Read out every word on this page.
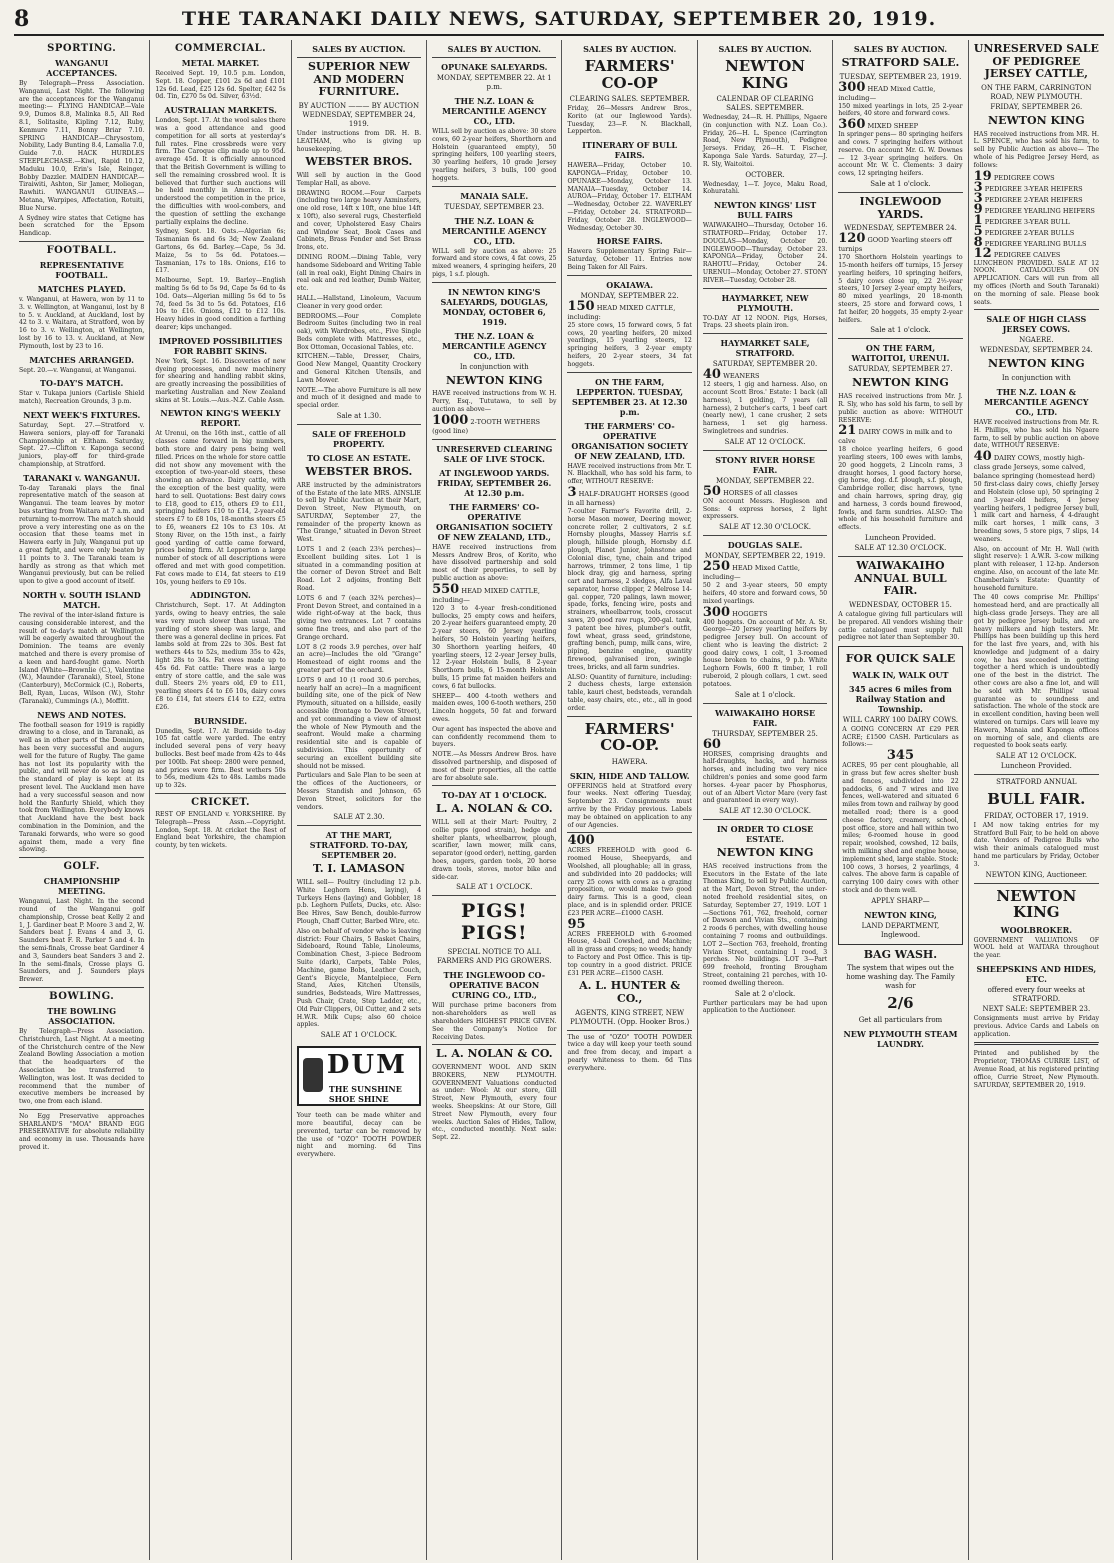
8	THE TARANAKI DAILY NEWS, SATURDAY, SEPTEMBER 20, 1919.
SPORTING.
WANGANUI ACCEPTANCES.

By Telegraph—Press Association. Wanganui, Last Night. The following are the acceptances for the Wanganui meeting:— FLYING HANDICAP.—Vale 9.9, Dumos 8.8, Malinka 8.5, All Red 8.1, Solitasite, Kipling 7.12, Ruby, Kenmure 7.11, Bonny Briar 7.10. SPRING HANDICAP.—Chrysostom, Nobility, Lady Bunting 8.4, Lamalia 7.0, Guide 7.0. HACK HURDLES STEEPLECHASE.—Kiwi, Rapid 10.12, Maduku 10.0, Erin's Isle, Reinger, Bobby Dazzler. MAIDEN HANDICAP.—Tiraiwiti, Ashton, Sir Jamer, Moliegan, Rawhiti. WANGANUI GUINEAS.—Metana, Warpipes, Affectation, Rotuiti, Blue Nurse.

A Sydney wire states that Cetigne has been scratched for the Epsom Handicap.

FOOTBALL.
REPRESENTATIVE FOOTBALL.
MATCHES PLAYED.

v. Wanganui, at Hawera, won by 11 to 3. v. Wellington, at Wanganui, lost by 8 to 5. v. Auckland, at Auckland, lost by 42 to 3. v. Waitara, at Stratford, won by 16 to 3. v. Wellington, at Wellington, lost by 16 to 13. v. Auckland, at New Plymouth, lost by 23 to 16.

MATCHES ARRANGED.

Sept. 20.—v. Wanganui, at Wanganui.

TO-DAY'S MATCH.

Star v. Tukapa juniors (Carlisle Shield match), Recreation Grounds, 3 p.m.

NEXT WEEK'S FIXTURES.

Saturday, Sept. 27.—Stratford v. Hawera seniors, play-off for Taranaki Championship at Eltham. Saturday, Sept. 27.—Clifton v. Kaponga second juniors, play-off for third-grade championship, at Stratford.

TARANAKI v. WANGANUI.

To-day Taranaki plays the final representative match of the season at Wanganui. The team leaves by motor bus starting from Waitara at 7 a.m. and returning to-morrow. The match should prove a very interesting one as on the occasion that these teams met in Hawera early in July, Wanganui put up a great fight, and were only beaten by 11 points to 3. The Taranaki team is hardly as strong as that which met Wanganui previously, but can be relied upon to give a good account of itself.

NORTH v. SOUTH ISLAND MATCH.

The revival of the inter-island fixture is causing considerable interest, and the result of to-day's match at Wellington will be eagerly awaited throughout the Dominion. The teams are evenly matched and there is every promise of a keen and hard-fought game. North Island (White—Brownlie (C.), Valentine (W.), Maunder (Taranaki), Steel, Stone (Canterbury), McCormick (C.), Roberts, Bell, Ryan, Lucas, Wilson (W.), Stohr (Taranaki), Cummings (A.), Moffitt.

NEWS AND NOTES.

The football season for 1919 is rapidly drawing to a close, and in Taranaki, as well as in other parts of the Dominion, has been very successful and augurs well for the future of Rugby. The game has not lost its popularity with the public, and will never do so as long as the standard of play is kept at its present level. The Auckland men have had a very successful season and now hold the Ranfurly Shield, which they took from Wellington. Everybody knows that Auckland have the best back combination in the Dominion, and the Taranaki forwards, who were so good against them, made a very fine showing.

GOLF.
CHAMPIONSHIP MEETING.

Wanganui, Last Night. In the second round of the Wanganui golf championship, Crosse beat Kelly 2 and 1, J. Gardiner beat P. Moore 3 and 2, W. Sanders beat J. Evans 4 and 3, G. Saunders beat F. R. Parker 5 and 4. In the semi-finals, Crosse beat Gardiner 4 and 3, Saunders beat Sanders 3 and 2. In the semi-finals, Crosse plays G. Saunders, and J. Saunders plays Brewer.

BOWLING.
THE BOWLING ASSOCIATION.

By Telegraph—Press Association. Christchurch, Last Night. At a meeting of the Christchurch centre of the New Zealand Bowling Association a motion that the headquarters of the Association be transferred to Wellington, was lost. It was decided to recommend that the number of executive members be increased by two, one from each island.

No Egg Preservative approaches SHARLAND'S "MOA" BRAND EGG PRESERVATIVE for absolute reliability and economy in use. Thousands have proved it.

COMMERCIAL.
METAL MARKET.

Received Sept. 19, 10.5 p.m. London, Sept. 18. Copper, £101 2s 6d and £101 12s 6d. Lead, £25 12s 6d. Spelter, £42 5s 0d. Tin, £270 5s 0d. Silver, 63½d.

AUSTRALIAN MARKETS.

London, Sept. 17. At the wool sales there was a good attendance and good competition for all sorts at yesterday's full rates. Fine crossbreds were very firm. The Caroque clip made up to 95d. average 45d. It is officially announced that the British Government is willing to sell the remaining crossbred wool. It is believed that further such auctions will be held monthly in America. It is understood the competition in the price, the difficulties with wool-combers, and the question of settling the exchange partially explains the decline.

Sydney, Sept. 18. Oats.—Algerian 6s; Tasmanian 6s and 6s 3d; New Zealand Gartons, 6s 6d. Barley.—Cape, 5s 3d. Maize, 5s to 5s 6d. Potatoes.—Tasmanian, 17s to 18s. Onions, £16 to £17.

Melbourne, Sept. 19. Barley—English malting 5s 6d to 5s 9d, Cape 5s 6d to 4s 10d. Oats—Algerian milling 5s 6d to 5s 7d, feed 5s 3d to 5s 6d. Potatoes, £16 10s to £16. Onions, £12 to £12 10s. Heavy hides in good condition a farthing dearer; kips unchanged.

IMPROVED POSSIBILITIES FOR RABBIT SKINS.

New York, Sept. 16. Discoveries of new dyeing processes, and new machinery for shearing and handling rabbit skins, are greatly increasing the possibilities of marketing Australian and New Zealand skins at St. Louis.—Aus.-N.Z. Cable Assn.

NEWTON KING'S WEEKLY REPORT.

At Urenui, on the 16th inst., cattle of all classes came forward in big numbers, both store and dairy pens being well filled. Prices on the whole for store cattle did not show any movement with the exception of two-year-old steers, these showing an advance. Dairy cattle, with the exception of the best quality, were hard to sell. Quotations: Best dairy cows to £18, good to £15, others £9 to £11, springing heifers £10 to £14, 2-year-old steers £7 to £8 10s, 18-months steers £5 to £6, weaners £2 10s to £3 10s. At Stony River, on the 15th inst., a fairly good yarding of cattle came forward, prices being firm. At Lepperton a large number of stock of all descriptions were offered and met with good competition. Fat cows made to £14, fat steers to £19 10s, young heifers to £9 10s.

ADDINGTON.

Christchurch, Sept. 17. At Addington yards, owing to heavy entries, the sale was very much slower than usual. The yarding of store sheep was large, and there was a general decline in prices. Fat lambs sold at from 22s to 30s. Best fat wethers 44s to 52s, medium 35s to 42s, light 28s to 34s. Fat ewes made up to 45s 6d. Fat cattle: There was a large entry of store cattle, and the sale was dull. Steers 2½ years old, £9 to £11, yearling steers £4 to £6 10s, dairy cows £8 to £14, fat steers £14 to £22, extra £26.

BURNSIDE.

Dunedin, Sept. 17. At Burnside to-day 105 fat cattle were yarded. The entry included several pens of very heavy bullocks. Best beef made from 42s to 44s per 100lb. Fat sheep: 2800 were penned, and prices were firm. Best wethers 50s to 56s, medium 42s to 48s. Lambs made up to 32s.

CRICKET.

REST OF ENGLAND v. YORKSHIRE. By Telegraph—Press Assn.—Copyright. London, Sept. 18. At cricket the Rest of England beat Yorkshire, the champion county, by ten wickets.

SALES BY AUCTION.
SUPERIOR NEW AND MODERN FURNITURE.
BY AUCTION ——— BY AUCTION WEDNESDAY, SEPTEMBER 24, 1919.

Under instructions from DR. H. B. LEATHAM, who is giving up housekeeping,

WEBSTER BROS.

Will sell by auction in the Good Templar Hall, as above.

DRAWING ROOM.—Four Carpets (including two large heavy Axminsters, one old rose, 14ft x 10ft, one blue 14ft x 10ft), also several rugs, Chesterfield and cover, Upholstered Easy Chairs and Window Seat, Book Cases and Cabinets, Brass Fender and Set Brass Irons, etc.

DINING ROOM.—Dining Table, very handsome Sideboard and Writing Table (all in real oak), Eight Dining Chairs in real oak and red leather, Dumb Waiter, etc.

HALL.—Hallstand, Linoleum, Vacuum Cleaner in very good order.

BEDROOMS.—Four Complete Bedroom Suites (including two in real oak), with Wardrobes, etc., Five Single Beds complete with Mattresses, etc., Box Ottoman, Occasional Tables, etc.

KITCHEN.—Table, Dresser, Chairs, Good New Mangel, Quantity Crockery and General Kitchen Utensils, and Lawn Mower.

NOTE.—The above Furniture is all new and much of it designed and made to special order.

Sale at 1.30.
SALE OF FREEHOLD PROPERTY.
TO CLOSE AN ESTATE.
WEBSTER BROS.

ARE instructed by the administrators of the Estate of the late MRS. AINSLIE to sell by Public Auction at their Mart, Devon Street, New Plymouth, on SATURDAY, September 27, the remainder of the property known as "The Grange," situated in Devon Street West.

LOTS 1 and 2 (each 23¼ perches)—Excellent building sites. Lot 1 is situated in a commanding position at the corner of Devon Street and Belt Road. Lot 2 adjoins, fronting Belt Road.

LOTS 6 and 7 (each 32¾ perches)—Front Devon Street, and contained in a wide right-of-way at the back, thus giving two entrances. Lot 7 contains some fine trees, and also part of the Grange orchard.

LOT 8 (2 roods 3.9 perches, over half an acre)—Includes the old "Grange" Homestead of eight rooms and the greater part of the orchard.

LOTS 9 and 10 (1 rood 30.6 perches, nearly half an acre)—In a magnificent building site, one of the pick of New Plymouth, situated on a hillside, easily accessible (frontage to Devon Street), and yet commanding a view of almost the whole of New Plymouth and the seafront. Would make a charming residential site and is capable of subdivision. This opportunity of securing an excellent building site should not be missed.

Particulars and Sale Plan to be seen at the offices of the Auctioneers, or Messrs Standish and Johnson, 65 Devon Street, solicitors for the vendors.

SALE AT 2.30.
AT THE MART, STRATFORD. TO-DAY, SEPTEMBER 20.
T. I. LAMASON

WILL sell— Poultry (including 12 p.b. White Leghorn Hens, laying), 4 Turkeys Hens (laying) and Gobbler, 18 p.b. Leghorn Pullets, Ducks, etc. Also: Bee Hives, Saw Bench, double-furrow Plough, Chaff Cutter, Barbed Wire, etc.

Also on behalf of vendor who is leaving district: Four Chairs, 5 Basket Chairs, Sideboard, Round Table, Linoleums, Combination Chest, 3-piece Bedroom Suite (dark), Carpets, Table Poles, Machine, game Bobs, Leather Couch, Gent's Bicycle, Mantelpiece, Fern Stand, Axes, Kitchen Utensils, sundries, Bedsteads, Wire Mattresses, Push Chair, Crate, Step Ladder, etc., Old Pair Clippers, Oil Cutter, and 2 sets H.W.R. Milk Cups; also 60 choice apples.

SALE AT 1 O'CLOCK.
DUM
THE SUNSHINE SHOE SHINE

Your teeth can be made whiter and more beautiful, decay can be prevented, tartar can be removed by the use of "OZO" TOOTH POWDER night and morning. 6d Tins everywhere.

SALES BY AUCTION.
OPUNAKE SALEYARDS.
MONDAY, SEPTEMBER 22. At 1 p.m.
THE N.Z. LOAN & MERCANTILE AGENCY CO., LTD.

WILL sell by auction as above: 30 store cows, 60 2-year heifers, Shorthorn and Holstein (guaranteed empty), 50 springing heifers, 100 yearling steers, 30 yearling heifers, 10 grade Jersey yearling heifers, 3 bulls, 100 good hoggets.

MANAIA SALE.
TUESDAY, SEPTEMBER 23.
THE N.Z. LOAN & MERCANTILE AGENCY CO., LTD.

WILL sell by auction as above: 25 forward and store cows, 4 fat cows, 25 mixed weaners, 4 springing heifers, 20 pigs, 1 s.f. plough.

IN NEWTON KING'S SALEYARDS, DOUGLAS, MONDAY, OCTOBER 6, 1919.
THE N.Z. LOAN & MERCANTILE AGENCY CO., LTD.
In conjunction with
NEWTON KING

HAVE received instructions from W. H. Perry, Esq., Tututawa, to sell by auction as above—

1000 2-TOOTH WETHERS (good line)

UNRESERVED CLEARING SALE OF LIVE STOCK.
AT INGLEWOOD YARDS. FRIDAY, SEPTEMBER 26. At 12.30 p.m.
THE FARMERS' CO-OPERATIVE ORGANISATION SOCIETY OF NEW ZEALAND, LTD.,

HAVE received instructions from Messrs Andrew Bros, of Korito, who have dissolved partnership and sold most of their properties, to sell by public auction as above:

550 HEAD MIXED CATTLE, including—

120 3 to 4-year fresh-conditioned bullocks, 25 empty cows and heifers, 20 2-year heifers guaranteed empty, 20 2-year steers, 60 Jersey yearling heifers, 50 Holstein yearling heifers, 30 Shorthorn yearling heifers, 40 yearling steers, 12 2-year Jersey bulls, 12 2-year Holstein bulls, 8 2-year Shorthorn bulls, 6 15-month Holstein bulls, 15 prime fat maiden heifers and cows, 6 fat bullocks.

SHEEP— 400 4-tooth wethers and maiden ewes, 100 6-tooth wethers, 250 Lincoln hoggets, 50 fat and forward ewes.

Our agent has inspected the above and can confidently recommend them to buyers.

NOTE.—As Messrs Andrew Bros. have dissolved partnership, and disposed of most of their properties, all the cattle are for absolute sale.

TO-DAY AT 1 O'CLOCK.
L. A. NOLAN & CO.

WILL sell at their Mart: Poultry, 2 collie pups (good strain), hedge and shelter plants, wheelbarrow, plough, scarifier, lawn mower, milk cans, separator (good order), netting, garden hoes, augers, garden tools, 20 horse drawn tools, stoves, motor bike and side-car.

SALE AT 1 O'CLOCK.
PIGS! PIGS!
SPECIAL NOTICE TO ALL FARMERS AND PIG GROWERS.
THE INGLEWOOD CO-OPERATIVE BACON CURING CO., LTD.,

Will purchase prime baconers from non-shareholders as well as shareholders HIGHEST PRICE GIVEN. See the Company's Notice for Receiving Dates.

L. A. NOLAN & CO.

GOVERNMENT WOOL AND SKIN BROKERS, NEW PLYMOUTH. GOVERNMENT Valuations conducted as under: Wool: At our store, Gill Street, New Plymouth, every four weeks. Sheepskins: At our Store, Gill Street New Plymouth, every four weeks. Auction Sales of Hides, Tallow, etc., conducted monthly. Next sale: Sept. 22.

SALES BY AUCTION.
FARMERS' CO-OP
CLEARING SALES. SEPTEMBER.

Friday, 26—Messrs Andrew Bros., Korito (at our Inglewood Yards). Tuesday, 23—F. N. Blackhall, Lepperton.

ITINERARY OF BULL FAIRS.

HAWERA—Friday, October 10. KAPONGA—Friday, October 10. OPUNAKE—Monday, October 13. MANAIA—Tuesday, October 14. AUROA—Friday, October 17. ELTHAM—Wednesday, October 22. WAVERLEY—Friday, October 24. STRATFORD—Friday, October 28. INGLEWOOD—Wednesday, October 30.

HORSE FAIRS.

Hawera Supplementary Spring Fair—Saturday, October 11. Entries now Being Taken for All Fairs.

OKAIAWA.
MONDAY, SEPTEMBER 22.

150 HEAD MIXED CATTLE, including:

25 store cows, 15 forward cows, 5 fat cows, 20 yearling heifers, 20 mixed yearlings, 15 yearling steers, 12 springing heifers, 3 2-year empty heifers, 20 2-year steers, 34 fat hoggets.

ON THE FARM, LEPPERTON. TUESDAY, SEPTEMBER 23. At 12.30 p.m.
THE FARMERS' CO-OPERATIVE ORGANISATION SOCIETY OF NEW ZEALAND, LTD.

HAVE received instructions from Mr. T. N. Blackhall, who has sold his farm, to offer, WITHOUT RESERVE:

3 HALF-DRAUGHT HORSES (good in all harness)

7-coulter Farmer's Favorite drill, 2-horse Mason mower, Deering mower, concrete roller, 2 cultivators, 2 s.f. Hornsby ploughs, Massey Harris s.f. plough, hillside plough, Hornsby d.f. plough, Planet Junior, Johnstone and Colonial disc, tyne, chain and tripod harrows, trimmer, 2 tons lime, 1 tip block dray, gig and harness, spring cart and harness, 2 sledges, Alfa Laval separator, horse clipper, 2 Melrose 14-gal. copper, 720 palings, lawn mower, spade, forks, fencing wire, posts and strainers, wheelbarrow, tools, crosscut saws, 20 good raw rugs, 200-gal. tank, 3 patent bee hives, plumber's outfit, fowl wheat, grass seed, grindstone, grafting bench, pump, milk cans, wire, piping, benzine engine, quantity firewood, galvanised iron, swingle trees, bricks, and all farm sundries.

ALSO: Quantity of furniture, including: 2 duchess chests, large extension table, kauri chest, bedsteads, verandah table, easy chairs, etc., etc., all in good order.

FARMERS' CO-OP.
HAWERA.
SKIN, HIDE AND TALLOW.

OFFERINGS held at Stratford every four weeks. Next offering Tuesday, September 23. Consignments must arrive by the Friday previous. Labels may be obtained on application to any of our Agencies.

400

ACRES FREEHOLD with good 6-roomed House, Sheepyards, and Woolshed, all ploughable; all in grass, and subdivided into 20 paddocks; will carry 25 cows with cows as a grazing proposition, or would make two good dairy farms. This is a good, clean place, and is in splendid order. PRICE £23 PER ACRE—£1000 CASH.

95

ACRES FREEHOLD with 6-roomed House, 4-bail Cowshed, and Machine; all in grass and crops; no weeds; handy to Factory and Post Office. This is tip-top country in a good district. PRICE £31 PER ACRE—£1500 CASH.

A. L. HUNTER & CO.,
AGENTS, KING STREET, NEW PLYMOUTH. (Opp. Hooker Bros.)

The use of "OZO" TOOTH POWDER twice a day will keep your teeth sound and free from decay, and impart a pearly whiteness to them. 6d Tins everywhere.

SALES BY AUCTION.
NEWTON KING
CALENDAR OF CLEARING SALES. SEPTEMBER.

Wednesday, 24—R. H. Phillips, Ngaere (in conjunction with N.Z. Loan Co.). Friday, 26—H. L. Spence (Carrington Road, New Plymouth), Pedigree Jerseys. Friday, 26—H. T. Fischer, Kaponga Sale Yards. Saturday, 27—J. R. Sly, Waitoitoi.

OCTOBER.

Wednesday, 1—T. Joyce, Maku Road, Kohuratahi.

NEWTON KINGS' LIST BULL FAIRS

WAIWAKAIHO—Thursday, October 16. STRATFORD—Friday, October 17. DOUGLAS—Monday, October 20. INGLEWOOD—Thursday, October 23. KAPONGA—Friday, October 24. RAHOTU—Friday, October 24. URENUI—Monday, October 27. STONY RIVER—Tuesday, October 28.

HAYMARKET, NEW PLYMOUTH.

TO-DAY AT 12 NOON. Pigs, Horses, Traps. 23 sheets plain iron.

HAYMARKET SALE, STRATFORD.
SATURDAY, SEPTEMBER 20.

40 WEANERS

12 steers, 1 gig and harness. Also, on account Scott Bros.' Estate: 1 back (all harness), 1 gelding, 7 years (all harness), 2 butcher's carts, 1 beef cart (nearly new), 1 cane crusher, 2 sets harness, 1 set gig harness. Swingletrees and sundries.

SALE AT 12 O'CLOCK.
STONY RIVER HORSE FAIR.
MONDAY, SEPTEMBER 22.

50 HORSES of all classes

ON account Messrs. Hugleson and Sons: 4 express horses, 2 light expressers.

SALE AT 12.30 O'CLOCK.
DOUGLAS SALE.
MONDAY, SEPTEMBER 22, 1919.

250 HEAD Mixed Cattle, including—

50 2 and 3-year steers, 50 empty heifers, 40 store and forward cows, 50 mixed yearlings.

300 HOGGETS

400 hoggets. On account of Mr. A. St. George—20 Jersey yearling heifers by pedigree Jersey bull. On account of client who is leaving the district: 2 good dairy cows, 1 colt, 1 3-roomed house broken to chains, 9 p.b. White Leghorn Fowls, 600 ft timber, 1 roll ruberoid, 2 plough collars, 1 cwt. seed potatoes.

Sale at 1 o'clock.
WAIWAKAIHO HORSE FAIR.
THURSDAY, SEPTEMBER 25.

60

HORSES, comprising draughts and half-draughts, hacks, and harness horses, and including two very nice children's ponies and some good farm horses. 4-year pacer by Phosphorus, out of an Albert Victor Mare (very fast and guaranteed in every way).

SALE AT 12.30 O'CLOCK.
IN ORDER TO CLOSE ESTATE.
NEWTON KING

HAS received instructions from the Executors in the Estate of the late Thomas King, to sell by Public Auction, at the Mart, Devon Street, the under-noted freehold residential sites, on Saturday, September 27, 1919. LOT 1—Sections 761, 762, freehold, corner of Dawson and Vivian Sts., containing 2 roods 6 perches, with dwelling house containing 7 rooms and outbuildings. LOT 2—Section 763, freehold, fronting Vivian Street, containing 1 rood, 3 perches. No buildings. LOT 3—Part 699 freehold, fronting Brougham Street, containing 21 perches, with 10-roomed dwelling thereon.

Sale at 2 o'clock.

Further particulars may be had upon application to the Auctioneer.

SALES BY AUCTION.
STRATFORD SALE.
TUESDAY, SEPTEMBER 23, 1919.

300 HEAD Mixed Cattle, including—

150 mixed yearlings in lots, 25 2-year heifers, 40 store and forward cows.

360 MIXED SHEEP

In springer pens— 80 springing heifers and cows. 7 springing heifers without reserve. On account Mr. G. W. Downes— 12 3-year springing heifers. On account Mr. W. C. Clements: 3 dairy cows, 12 springing heifers.

Sale at 1 o'clock.
INGLEWOOD YARDS.
WEDNESDAY, SEPTEMBER 24.

120 GOOD Yearling steers off turnips

170 Shorthorn Holstein yearlings to 15-month heifers off turnips, 15 Jersey yearling heifers, 10 springing heifers, 5 dairy cows close up, 22 2½-year steers, 10 Jersey 2-year empty heifers, 80 mixed yearlings, 20 18-month steers, 25 store and forward cows, 1 fat heifer, 20 hoggets, 35 empty 2-year heifers.

Sale at 1 o'clock.
ON THE FARM, WAITOITOI, URENUI.
SATURDAY, SEPTEMBER 27.
NEWTON KING

HAS received instructions from Mr. J. R. Sly, who has sold his farm, to sell by public auction as above: WITHOUT RESERVE:

21 DAIRY COWS in milk and to calve

18 choice yearling heifers, 6 good yearling steers, 100 ewes with lambs, 20 good hoggets, 2 Lincoln rams, 3 draught horses, 1 good factory horse, gig horse, dog. d.f. plough, s.f. plough, Cambridge roller, disc harrows, tyne and chain harrows, spring dray, gig and harness, 3 cords bound firewood, fowls, and farm sundries. ALSO: The whole of his household furniture and effects.

Luncheon Provided.
SALE AT 12.30 O'CLOCK.
WAIWAKAIHO ANNUAL BULL FAIR.
WEDNESDAY, OCTOBER 15.

A catalogue giving full particulars will be prepared. All vendors wishing their cattle catalogued must supply full pedigree not later than September 30.

FOR QUICK SALE
WALK IN, WALK OUT
345 acres 6 miles from Railway Station and Township.
WILL CARRY 100 DAIRY COWS.

A GOING CONCERN AT £29 PER ACRE; £1500 CASH. Particulars as follows:—

345

ACRES, 95 per cent ploughable, all in grass but few acres shelter bush and fences, subdivided into 22 paddocks, 6 and 7 wires and live fences, well-watered and situated 6 miles from town and railway by good metalled road; there is a good cheese factory, creamery, school, post office, store and hall within two miles; 6-roomed house in good repair, woolshed, cowshed, 12 bails, with milking shed and engine house, implement shed, large stable. Stock: 100 cows, 3 horses, 2 yearlings, 4 calves. The above farm is capable of carrying 100 dairy cows with other stock and do them well.

APPLY SHARP—
NEWTON KING,
LAND DEPARTMENT, Inglewood.
BAG WASH.
The system that wipes out the home washing day. The Family wash for
2/6
Get all particulars from
NEW PLYMOUTH STEAM LAUNDRY.
UNRESERVED SALE OF PEDIGREE JERSEY CATTLE,
ON THE FARM, CARRINGTON ROAD, NEW PLYMOUTH.
FRIDAY, SEPTEMBER 26.
NEWTON KING

HAS received instructions from MR. H. L. SPENCE, who has sold his farm, to sell by Public Auction as above— The whole of his Pedigree Jersey Herd, as follows:

19 PEDIGREE COWS

3 PEDIGREE 3-YEAR HEIFERS

3 PEDIGREE 2-YEAR HEIFERS

9 PEDIGREE YEARLING HEIFERS

1 PEDIGREE 3-YEAR BULL

5 PEDIGREE 2-YEAR BULLS

8 PEDIGREE YEARLING BULLS

12 PEDIGREE CALVES

LUNCHEON PROVIDED. SALE AT 12 NOON. CATALOGUES ON APPLICATION. Cars will run from all my offices (North and South Taranaki) on the morning of sale. Please book seats.

SALE OF HIGH CLASS JERSEY COWS.
NGAERE.
WEDNESDAY, SEPTEMBER 24.
NEWTON KING
In conjunction with
THE N.Z. LOAN & MERCANTILE AGENCY CO., LTD.

HAVE received instructions from Mr. R. H. Phillips, who has sold his Ngaere farm, to sell by public auction on above date, WITHOUT RESERVE:

40 DAIRY COWS, mostly high-class grade Jerseys, some calved, balance springing (homestead herd)

50 first-class dairy cows, chiefly Jersey and Holstein (close up), 50 springing 2 and 3-year-old heifers, 4 Jersey yearling heifers, 1 pedigree Jersey bull, 1 milk cart and harness, 4 4-draught milk cart horses, 1 milk cans, 3 breeding sows, 5 store pigs, 7 slips, 14 weaners.

Also, on account of Mr. H. Wall (with slight reserve): 1 A.W.R. 3-cow milking plant with releaser, 1 12-hp. Anderson engine. Also, on account of the late Mr. Chamberlain's Estate: Quantity of household furniture.

The 40 cows comprise Mr. Phillips' homestead herd, and are practically all high-class grade Jerseys. They are all got by pedigree Jersey bulls, and are heavy milkers and high testers. Mr. Phillips has been building up this herd for the last five years, and, with his knowledge and judgment of a dairy cow, he has succeeded in getting together a herd which is undoubtedly one of the best in the district. The other cows are also a fine lot, and will be sold with Mr. Phillips' usual guarantee as to soundness and satisfaction. The whole of the stock are in excellent condition, having been well wintered on turnips. Cars will leave my Hawera, Manaia and Kaponga offices on morning of sale, and clients are requested to book seats early.

SALE AT 12 O'CLOCK.
Luncheon Provided.
STRATFORD ANNUAL
BULL FAIR.
FRIDAY, OCTOBER 17, 1919.

I AM now taking entries for my Stratford Bull Fair, to be held on above date. Vendors of Pedigree Bulls who wish their animals catalogued must hand me particulars by Friday, October 3.

NEWTON KING, Auctioneer.
NEWTON KING
WOOLBROKER.

GOVERNMENT VALUATIONS OF WOOL held at WAITARA throughout the year.

SHEEPSKINS AND HIDES, ETC.
offered every four weeks at STRATFORD.
NEXT SALE: SEPTEMBER 23.

Consignments must arrive by Friday previous. Advice Cards and Labels on application.

Printed and published by the Proprietor, THOMAS CURRIE LIST, of Avenue Road, at his registered printing office, Currie Street, New Plymouth. SATURDAY, SEPTEMBER 20, 1919.
